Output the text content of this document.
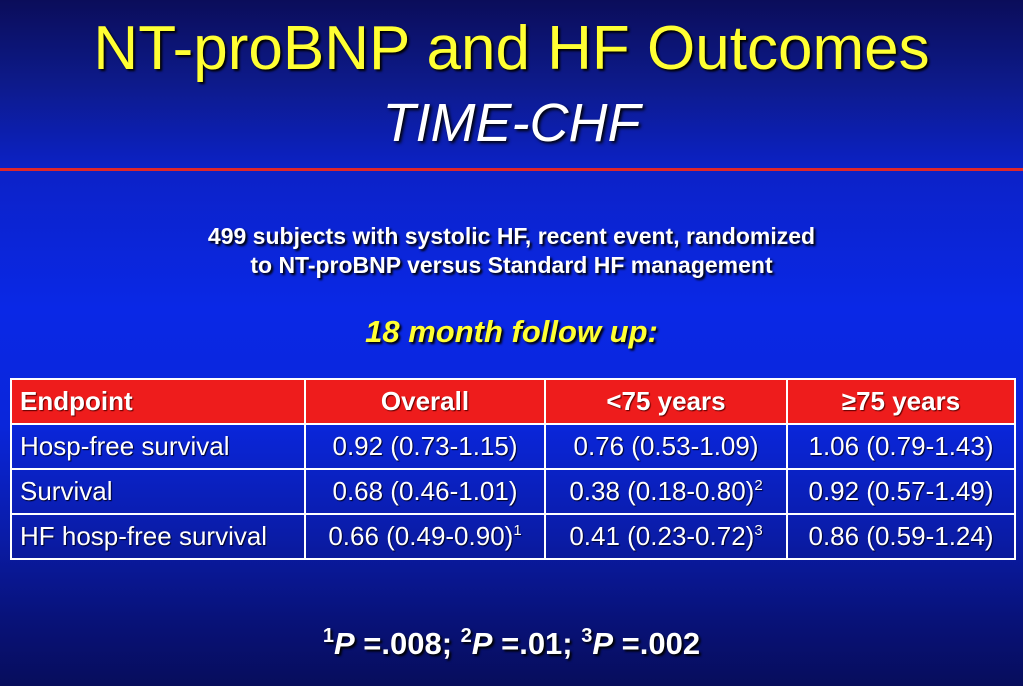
NT-proBNP and HF Outcomes
TIME-CHF
499 subjects with systolic HF, recent event, randomized
to NT-proBNP versus Standard HF management
18 month follow up:
Endpoint	Overall	<75 years	≥75 years
Hosp-free survival	0.92 (0.73-1.15)	0.76 (0.53-1.09)	1.06 (0.79-1.43)
Survival	0.68 (0.46-1.01)	0.38 $(0.18-0.80)^2$	0.92 (0.57-1.49)
HF hosp-free survival	0.66 $(0.49-0.90)^1$	0.41 $(0.23-0.72)^3$	0.86 (0.59-1.24)
$^1$P =.008; $^2$P =.01; $^3$P =.002
